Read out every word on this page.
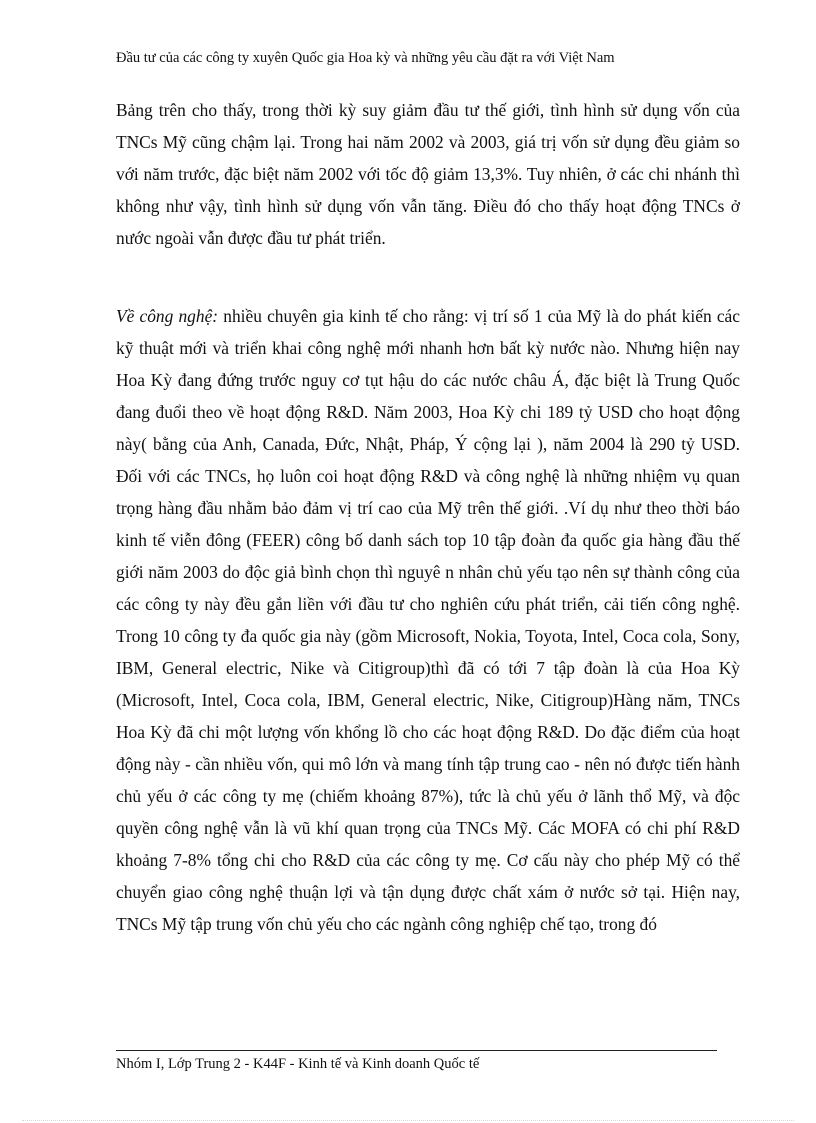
Đầu tư của các công ty xuyên Quốc gia Hoa kỳ và những yêu cầu đặt ra với Việt Nam
Bảng trên cho thấy, trong thời kỳ suy giảm đầu tư thế giới, tình hình sử dụng vốn của TNCs Mỹ cũng chậm lại. Trong hai năm 2002 và 2003, giá trị vốn sử dụng đều giảm so với năm trước, đặc biệt năm 2002 với tốc độ giảm 13,3%. Tuy nhiên, ở các chi nhánh thì không như vậy, tình hình sử dụng vốn vẫn tăng. Điều đó cho thấy hoạt động TNCs ở nước ngoài vẫn được đầu tư phát triển.
Về công nghệ: nhiều chuyên gia kinh tế cho rằng: vị trí số 1 của Mỹ là do phát kiến các kỹ thuật mới và triển khai công nghệ mới nhanh hơn bất kỳ nước nào. Nhưng hiện nay Hoa Kỳ đang đứng trước nguy cơ tụt hậu do các nước châu Á, đặc biệt là Trung Quốc đang đuổi theo về hoạt động R&D. Năm 2003, Hoa Kỳ chi 189 tỷ USD cho hoạt động này( bằng của Anh, Canada, Đức, Nhật, Pháp, Ý cộng lại ), năm 2004 là 290 tỷ USD. Đối với các TNCs, họ luôn coi hoạt động R&D và công nghệ là những nhiệm vụ quan trọng hàng đầu nhằm bảo đảm vị trí cao của Mỹ trên thế giới. .Ví dụ như theo thời báo kinh tế viễn đông (FEER) công bố danh sách top 10 tập đoàn đa quốc gia hàng đầu thế giới năm 2003 do độc giả bình chọn thì nguyê n nhân chủ yếu tạo nên sự thành công của các công ty này đều gắn liền với đầu tư cho nghiên cứu phát triển, cải tiến công nghệ. Trong 10 công ty đa quốc gia này (gồm Microsoft, Nokia, Toyota, Intel, Coca cola, Sony, IBM, General electric, Nike và Citigroup)thì đã có tới 7 tập đoàn là của Hoa Kỳ (Microsoft, Intel, Coca cola, IBM, General electric, Nike, Citigroup)Hàng năm, TNCs Hoa Kỳ đã chi một lượng vốn khổng lồ cho các hoạt động R&D. Do đặc điểm của hoạt động này - cần nhiều vốn, qui mô lớn và mang tính tập trung cao - nên nó được tiến hành chủ yếu ở các công ty mẹ (chiếm khoảng 87%), tức là chủ yếu ở lãnh thổ Mỹ, và độc quyền công nghệ vẫn là vũ khí quan trọng của TNCs Mỹ. Các MOFA có chi phí R&D khoảng 7-8% tổng chi cho R&D của các công ty mẹ. Cơ cấu này cho phép Mỹ có thể chuyển giao công nghệ thuận lợi và tận dụng được chất xám ở nước sở tại. Hiện nay, TNCs Mỹ tập trung vốn chủ yếu cho các ngành công nghiệp chế tạo, trong đó
Nhóm I, Lớp Trung 2 - K44F - Kinh tế và Kinh doanh Quốc tế
